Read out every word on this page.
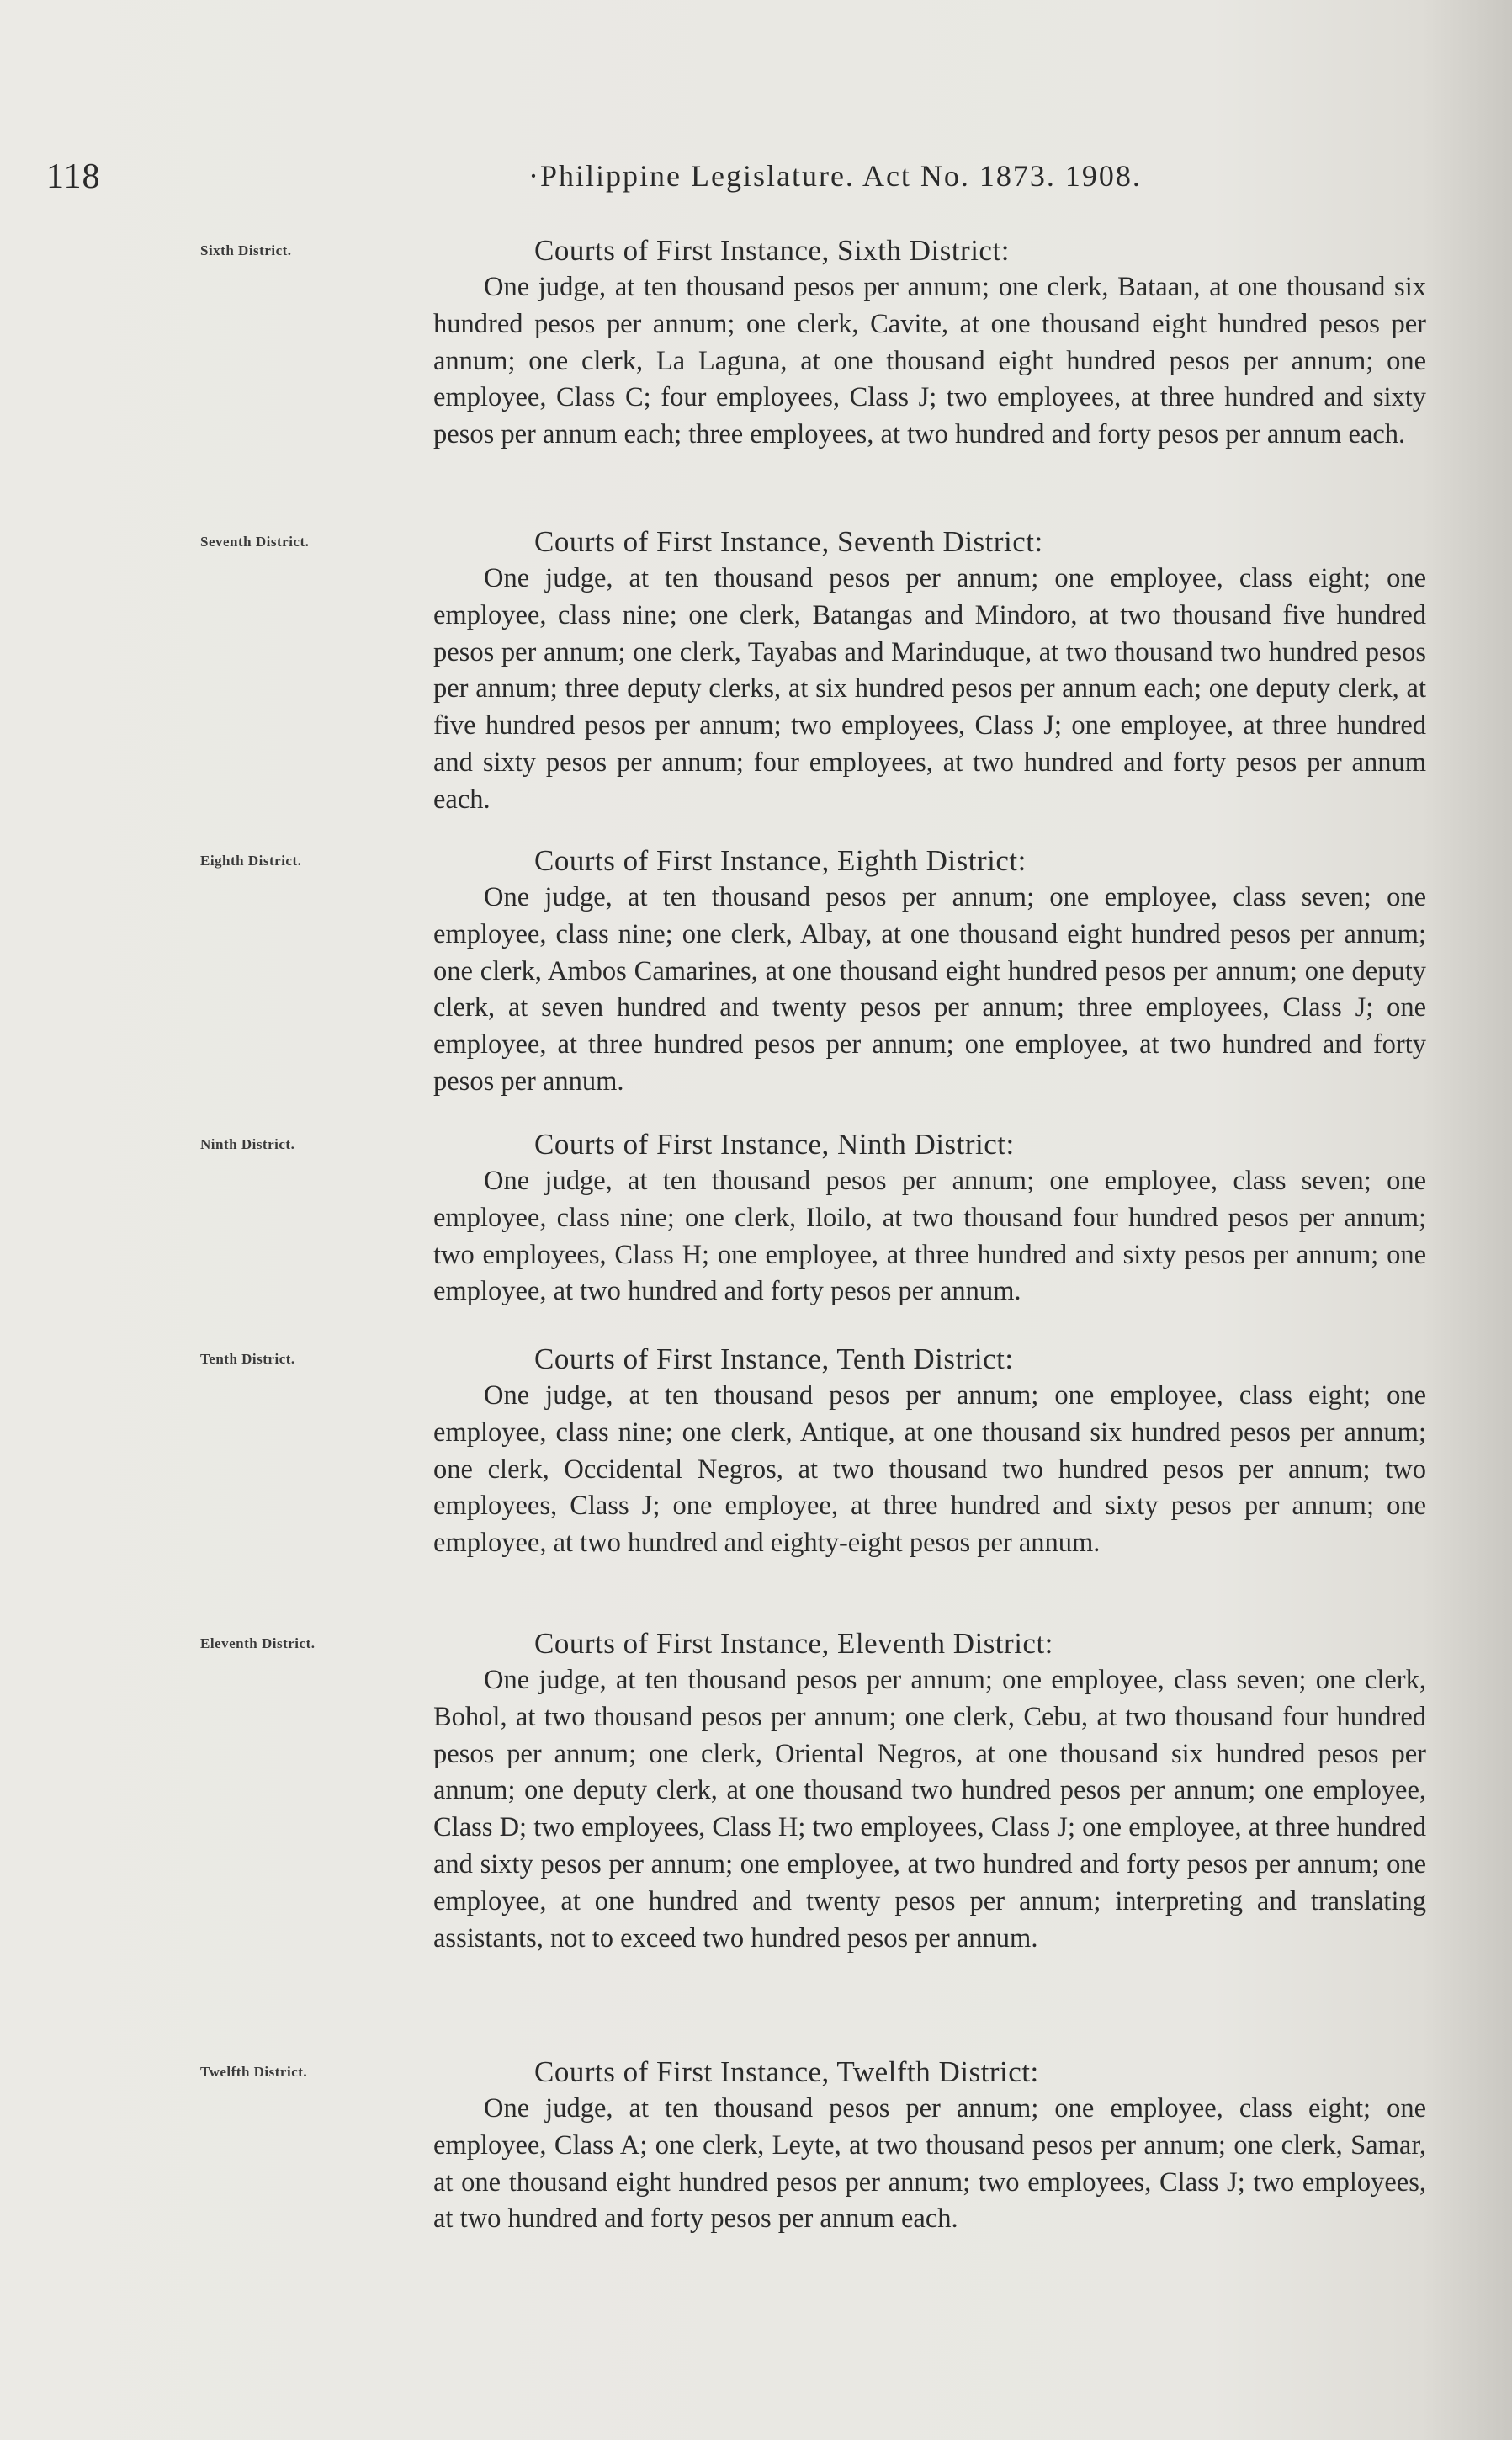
118	·Philippine Legislature. Act No. 1873. 1908.
Sixth District.	Courts of First Instance, Sixth District:

One judge, at ten thousand pesos per annum; one clerk, Bataan, at one thousand six hundred pesos per annum; one clerk, Cavite, at one thousand eight hundred pesos per annum; one clerk, La Laguna, at one thousand eight hundred pesos per annum; one employee, Class C; four employees, Class J; two employees, at three hundred and sixty pesos per annum each; three employees, at two hundred and forty pesos per annum each.

Seventh District.	Courts of First Instance, Seventh District:

One judge, at ten thousand pesos per annum; one employee, class eight; one employee, class nine; one clerk, Batangas and Mindoro, at two thousand five hundred pesos per annum; one clerk, Tayabas and Marinduque, at two thousand two hundred pesos per annum; three deputy clerks, at six hundred pesos per annum each; one deputy clerk, at five hundred pesos per annum; two employees, Class J; one employee, at three hundred and sixty pesos per annum; four employees, at two hundred and forty pesos per annum each.

Eighth District.	Courts of First Instance, Eighth District:

One judge, at ten thousand pesos per annum; one employee, class seven; one employee, class nine; one clerk, Albay, at one thousand eight hundred pesos per annum; one clerk, Ambos Camarines, at one thousand eight hundred pesos per annum; one deputy clerk, at seven hundred and twenty pesos per annum; three employees, Class J; one employee, at three hundred pesos per annum; one employee, at two hundred and forty pesos per annum.

Ninth District.	Courts of First Instance, Ninth District:

One judge, at ten thousand pesos per annum; one employee, class seven; one employee, class nine; one clerk, Iloilo, at two thousand four hundred pesos per annum; two employees, Class H; one employee, at three hundred and sixty pesos per annum; one employee, at two hundred and forty pesos per annum.

Tenth District.	Courts of First Instance, Tenth District:

One judge, at ten thousand pesos per annum; one employee, class eight; one employee, class nine; one clerk, Antique, at one thousand six hundred pesos per annum; one clerk, Occidental Negros, at two thousand two hundred pesos per annum; two employees, Class J; one employee, at three hundred and sixty pesos per annum; one employee, at two hundred and eighty-eight pesos per annum.

Eleventh District.	Courts of First Instance, Eleventh District:

One judge, at ten thousand pesos per annum; one employee, class seven; one clerk, Bohol, at two thousand pesos per annum; one clerk, Cebu, at two thousand four hundred pesos per annum; one clerk, Oriental Negros, at one thousand six hundred pesos per annum; one deputy clerk, at one thousand two hundred pesos per annum; one employee, Class D; two employees, Class H; two employees, Class J; one employee, at three hundred and sixty pesos per annum; one employee, at two hundred and forty pesos per annum; one employee, at one hundred and twenty pesos per annum; interpreting and translating assistants, not to exceed two hundred pesos per annum.

Twelfth District.	Courts of First Instance, Twelfth District:

One judge, at ten thousand pesos per annum; one employee, class eight; one employee, Class A; one clerk, Leyte, at two thousand pesos per annum; one clerk, Samar, at one thousand eight hundred pesos per annum; two employees, Class J; two employees, at two hundred and forty pesos per annum each.
